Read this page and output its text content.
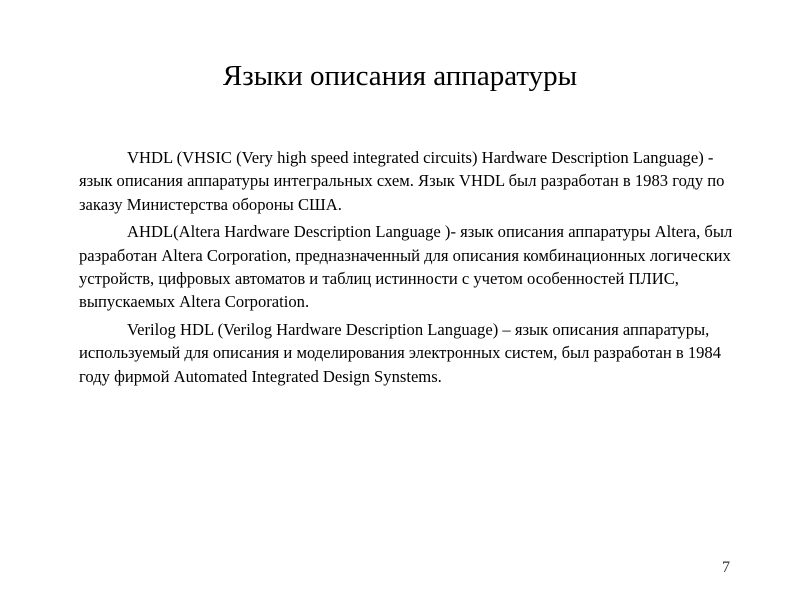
Языки описания аппаратуры

VHDL (VHSIC (Very high speed integrated circuits) Hardware Description Language) - язык описания аппаратуры интегральных схем. Язык VHDL был разработан в 1983 году по заказу Министерства обороны США.

AHDL(Altera Hardware Description Language )- язык описания аппаратуры Altera, был разработан Altera Corporation, предназначенный для описания комбинационных логических устройств, цифровых автоматов и таблиц истинности с учетом особенностей ПЛИС, выпускаемых Altera Corporation.

Verilog HDL (Verilog Hardware Description Language) – язык описания аппаратуры, используемый для описания и моделирования электронных систем, был разработан в 1984 году фирмой Automated Integrated Design Synstems.

7
